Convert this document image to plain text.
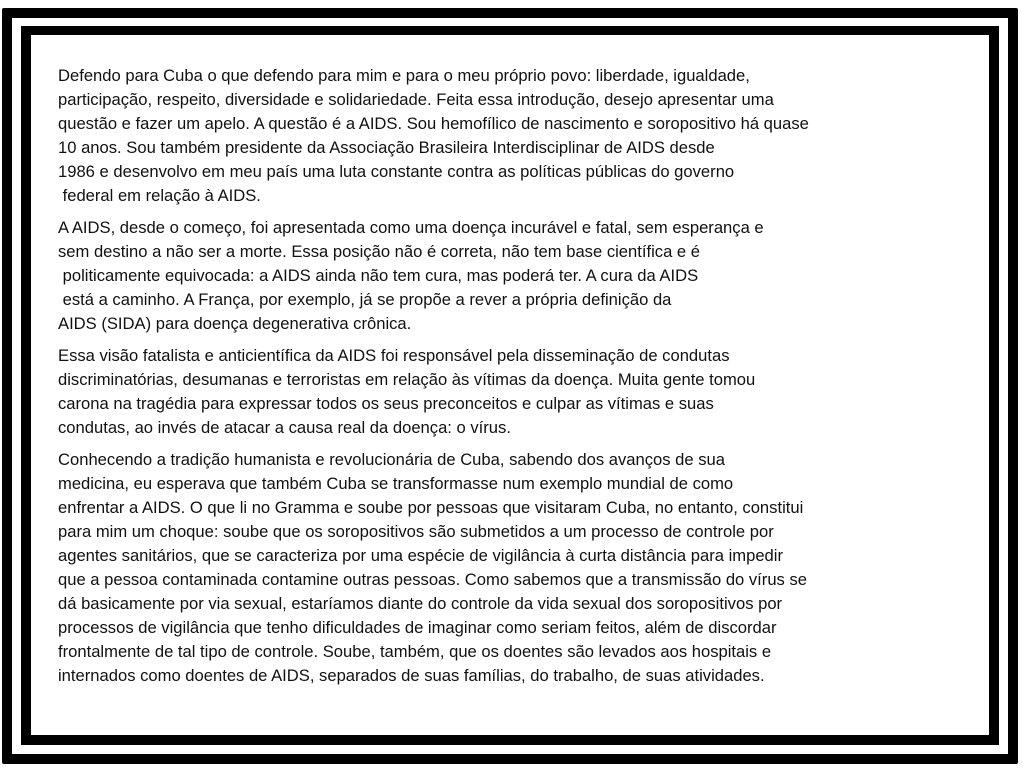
Defendo para Cuba o que defendo para mim e para o meu próprio povo: liberdade, igualdade,
participação, respeito, diversidade e solidariedade. Feita essa introdução, desejo apresentar uma
questão e fazer um apelo. A questão é a AIDS. Sou hemofílico de nascimento e soropositivo há quase
10 anos. Sou também presidente da Associação Brasileira Interdisciplinar de AIDS desde
1986 e desenvolvo em meu país uma luta constante contra as políticas públicas do governo
federal em relação à AIDS.

A AIDS, desde o começo, foi apresentada como uma doença incurável e fatal, sem esperança e
sem destino a não ser a morte. Essa posição não é correta, não tem base científica e é
politicamente equivocada: a AIDS ainda não tem cura, mas poderá ter. A cura da AIDS
está a caminho. A França, por exemplo, já se propõe a rever a própria definição da
AIDS (SIDA) para doença degenerativa crônica.

Essa visão fatalista e anticientífica da AIDS foi responsável pela disseminação de condutas
discriminatórias, desumanas e terroristas em relação às vítimas da doença. Muita gente tomou
carona na tragédia para expressar todos os seus preconceitos e culpar as vítimas e suas
condutas, ao invés de atacar a causa real da doença: o vírus.

Conhecendo a tradição humanista e revolucionária de Cuba, sabendo dos avanços de sua
medicina, eu esperava que também Cuba se transformasse num exemplo mundial de como
enfrentar a AIDS. O que li no Gramma e soube por pessoas que visitaram Cuba, no entanto, constitui
para mim um choque: soube que os soropositivos são submetidos a um processo de controle por
agentes sanitários, que se caracteriza por uma espécie de vigilância à curta distância para impedir
que a pessoa contaminada contamine outras pessoas. Como sabemos que a transmissão do vírus se
dá basicamente por via sexual, estaríamos diante do controle da vida sexual dos soropositivos por
processos de vigilância que tenho dificuldades de imaginar como seriam feitos, além de discordar
frontalmente de tal tipo de controle. Soube, também, que os doentes são levados aos hospitais e
internados como doentes de AIDS, separados de suas famílias, do trabalho, de suas atividades.
